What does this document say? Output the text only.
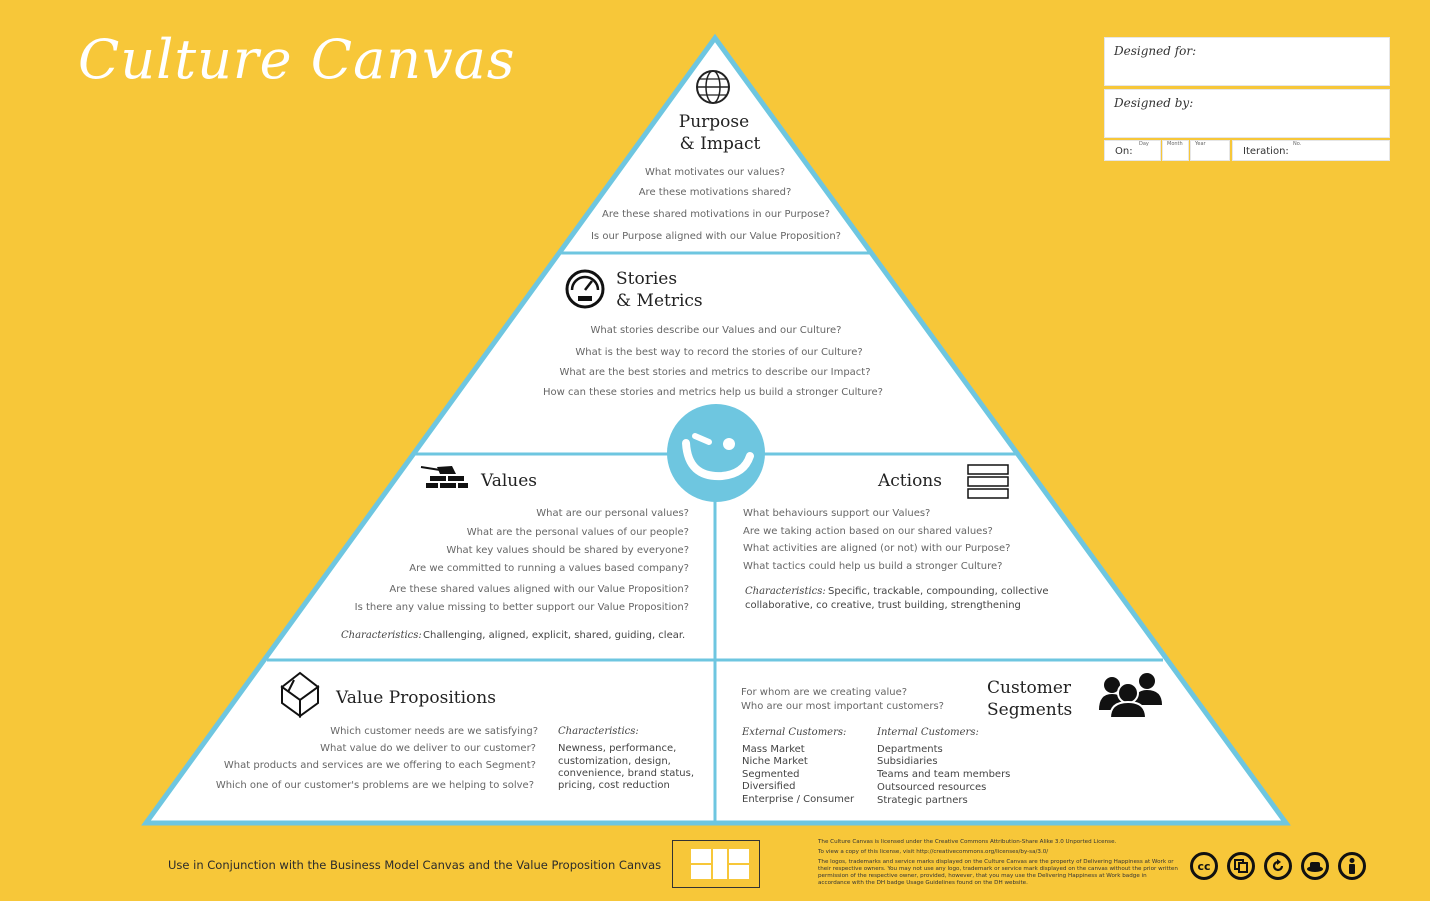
Purpose
& Impact
What motivates our values?
Are these motivations shared?
Are these shared motivations in our Purpose?
Is our Purpose aligned with our Value Proposition?
Stories
& Metrics
What stories describe our Values and our Culture?
What is the best way to record the stories of our Culture?
What are the best stories and metrics to describe our Impact?
How can these stories and metrics help us build a stronger Culture?
Values
What are our personal values?
What are the personal values of our people?
What key values should be shared by everyone?
Are we committed to running a values based company?
Are these shared values aligned with our Value Proposition?
Is there any value missing to better support our Value Proposition?
Characteristics: Challenging, aligned, explicit, shared, guiding, clear.
Actions
What behaviours support our Values?
Are we taking action based on our shared values?
What activities are aligned (or not) with our Purpose?
What tactics could help us build a stronger Culture?
Characteristics: Specific, trackable, compounding, collective
collaborative, co creative, trust building, strengthening
Value Propositions
Which customer needs are we satisfying?
What value do we deliver to our customer?
What products and services are we offering to each Segment?
Which one of our customer's problems are we helping to solve?
Characteristics:
Newness, performance,
customization, design,
convenience, brand status,
pricing, cost reduction
Customer
Segments
For whom are we creating value?
Who are our most important customers?
External Customers:
Mass Market
Niche Market
Segmented
Diversified
Enterprise / Consumer
Internal Customers:
Departments
Subsidiaries
Teams and team members
Outsourced resources
Strategic partners
Culture Canvas	Designed for:
Designed by:
On:
Day	Month Year
Iteration:
No.
Use in Conjunction with the Business Model Canvas and the Value Proposition Canvas

The Culture Canvas is licensed under the Creative Commons Attribution-Share Alike 3.0 Unported License.

To view a copy of this license, visit http://creativecommons.org/licenses/by-sa/3.0/

The logos, trademarks and service marks displayed on the Culture Canvas are the property of Delivering Happiness at Work or their respective owners. You may not use any logo, trademark or service mark displayed on the canvas without the prior written permission of the respective owner, provided, however, that you may use the Delivering Happiness at Work badge in accordance with the DH badge Usage Guidelines found on the DH website.

cc
